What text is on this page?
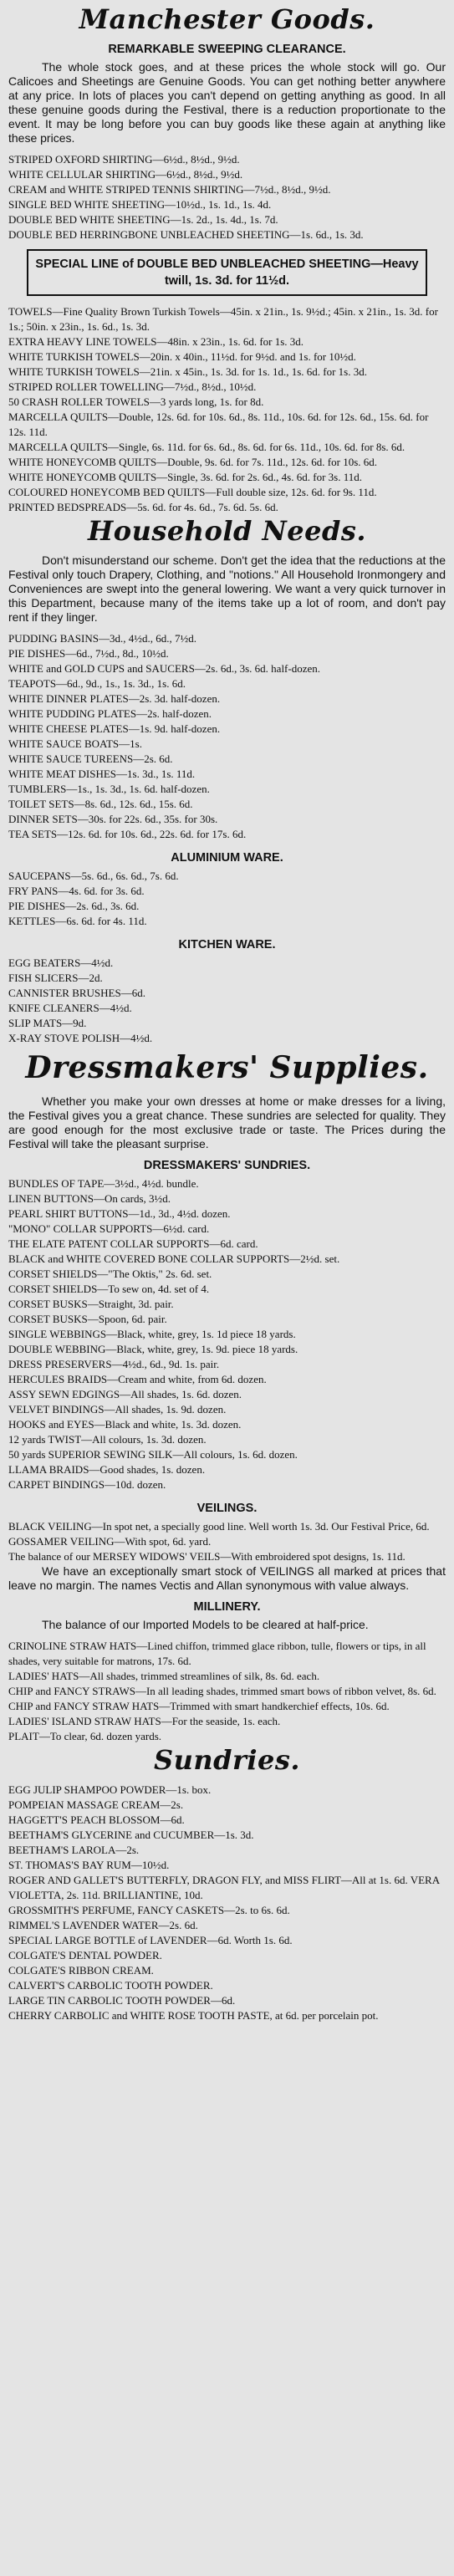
Manchester Goods.
REMARKABLE SWEEPING CLEARANCE.
The whole stock goes, and at these prices the whole stock will go. Our Calicoes and Sheetings are Genuine Goods. You can get nothing better anywhere at any price. In lots of places you can't depend on getting anything as good. In all these genuine goods during the Festival, there is a reduction proportionate to the event. It may be long before you can buy goods like these again at anything like these prices.
STRIPED OXFORD SHIRTING—6½d., 8½d., 9½d.
WHITE CELLULAR SHIRTING—6½d., 8½d., 9½d.
CREAM and WHITE STRIPED TENNIS SHIRTING—7½d., 8½d., 9½d.
SINGLE BED WHITE SHEETING—10½d., 1s. 1d., 1s. 4d.
DOUBLE BED WHITE SHEETING—1s. 2d., 1s. 4d., 1s. 7d.
DOUBLE BED HERRINGBONE UNBLEACHED SHEETING—1s. 6d., 1s. 3d.
SPECIAL LINE of DOUBLE BED UNBLEACHED SHEETING—Heavy twill, 1s. 3d. for 11½d.
TOWELS—Fine Quality Brown Turkish Towels—45in. x 21in., 1s. 9½d.; 45in. x 21in., 1s. 3d. for 1s.; 50in. x 23in., 1s. 6d., 1s. 3d.
EXTRA HEAVY LINE TOWELS—48in. x 23in., 1s. 6d. for 1s. 3d.
WHITE TURKISH TOWELS—20in. x 40in., 11½d. for 9½d. and 1s. for 10½d.
WHITE TURKISH TOWELS—21in. x 45in., 1s. 3d. for 1s. 1d., 1s. 6d. for 1s. 3d.
STRIPED ROLLER TOWELLING—7½d., 8½d., 10½d.
50 CRASH ROLLER TOWELS—3 yards long, 1s. for 8d.
MARCELLA QUILTS—Double, 12s. 6d. for 10s. 6d., 8s. 11d., 10s. 6d. for 12s. 6d., 15s. 6d. for 12s. 11d.
MARCELLA QUILTS—Single, 6s. 11d. for 6s. 6d., 8s. 6d. for 6s. 11d., 10s. 6d. for 8s. 6d.
WHITE HONEYCOMB QUILTS—Double, 9s. 6d. for 7s. 11d., 12s. 6d. for 10s. 6d.
WHITE HONEYCOMB QUILTS—Single, 3s. 6d. for 2s. 6d., 4s. 6d. for 3s. 11d.
COLOURED HONEYCOMB BED QUILTS—Full double size, 12s. 6d. for 9s. 11d.
PRINTED BEDSPREADS—5s. 6d. for 4s. 6d., 7s. 6d. 5s. 6d.
Household Needs.
Don't misunderstand our scheme. Don't get the idea that the reductions at the Festival only touch Drapery, Clothing, and "notions." All Household Ironmongery and Conveniences are swept into the general lowering. We want a very quick turnover in this Department, because many of the items take up a lot of room, and don't pay rent if they linger.
PUDDING BASINS—3d., 4½d., 6d., 7½d.
PIE DISHES—6d., 7½d., 8d., 10½d.
WHITE and GOLD CUPS and SAUCERS—2s. 6d., 3s. 6d. half-dozen.
TEAPOTS—6d., 9d., 1s., 1s. 3d., 1s. 6d.
WHITE DINNER PLATES—2s. 3d. half-dozen.
WHITE PUDDING PLATES—2s. half-dozen.
WHITE CHEESE PLATES—1s. 9d. half-dozen.
WHITE SAUCE BOATS—1s.
WHITE SAUCE TUREENS—2s. 6d.
WHITE MEAT DISHES—1s. 3d., 1s. 11d.
TUMBLERS—1s., 1s. 3d., 1s. 6d. half-dozen.
TOILET SETS—8s. 6d., 12s. 6d., 15s. 6d.
DINNER SETS—30s. for 22s. 6d., 35s. for 30s.
TEA SETS—12s. 6d. for 10s. 6d., 22s. 6d. for 17s. 6d.
ALUMINIUM WARE.
SAUCEPANS—5s. 6d., 6s. 6d., 7s. 6d.
FRY PANS—4s. 6d. for 3s. 6d.
PIE DISHES—2s. 6d., 3s. 6d.
KETTLES—6s. 6d. for 4s. 11d.
KITCHEN WARE.
EGG BEATERS—4½d.
FISH SLICERS—2d.
CANNISTER BRUSHES—6d.
KNIFE CLEANERS—4½d.
SLIP MATS—9d.
X-RAY STOVE POLISH—4½d.
Dressmakers' Supplies.
Whether you make your own dresses at home or make dresses for a living, the Festival gives you a great chance. These sundries are selected for quality. They are good enough for the most exclusive trade or taste. The Prices during the Festival will take the pleasant surprise.
DRESSMAKERS' SUNDRIES.
BUNDLES OF TAPE—3½d., 4½d. bundle.
LINEN BUTTONS—On cards, 3½d.
PEARL SHIRT BUTTONS—1d., 3d., 4½d. dozen.
"MONO" COLLAR SUPPORTS—6½d. card.
THE ELATE PATENT COLLAR SUPPORTS—6d. card.
BLACK and WHITE COVERED BONE COLLAR SUPPORTS—2½d. set.
CORSET SHIELDS—"The Oktis," 2s. 6d. set.
CORSET SHIELDS—To sew on, 4d. set of 4.
CORSET BUSKS—Straight, 3d. pair.
CORSET BUSKS—Spoon, 6d. pair.
SINGLE WEBBINGS—Black, white, grey, 1s. 1d piece 18 yards.
DOUBLE WEBBING—Black, white, grey, 1s. 9d. piece 18 yards.
DRESS PRESERVERS—4½d., 6d., 9d. 1s. pair.
HERCULES BRAIDS—Cream and white, from 6d. dozen.
ASSY SEWN EDGINGS—All shades, 1s. 6d. dozen.
VELVET BINDINGS—All shades, 1s. 9d. dozen.
HOOKS and EYES—Black and white, 1s. 3d. dozen.
12 yards TWIST—All colours, 1s. 3d. dozen.
50 yards SUPERIOR SEWING SILK—All colours, 1s. 6d. dozen.
LLAMA BRAIDS—Good shades, 1s. dozen.
CARPET BINDINGS—10d. dozen.
VEILINGS.
BLACK VEILING—In spot net, a specially good line. Well worth 1s. 3d. Our Festival Price, 6d.
GOSSAMER VEILING—With spot, 6d. yard.
The balance of our MERSEY WIDOWS' VEILS—With embroidered spot designs, 1s. 11d.
We have an exceptionally smart stock of VEILINGS all marked at prices that leave no margin. The names Vectis and Allan synonymous with value always.
MILLINERY.
The balance of our Imported Models to be cleared at half-price.
CRINOLINE STRAW HATS—Lined chiffon, trimmed glace ribbon, tulle, flowers or tips, in all shades, very suitable for matrons, 17s. 6d.
LADIES' HATS—All shades, trimmed streamlines of silk, 8s. 6d. each.
CHIP and FANCY STRAWS—In all leading shades, trimmed smart bows of ribbon velvet, 8s. 6d.
CHIP and FANCY STRAW HATS—Trimmed with smart handkerchief effects, 10s. 6d.
LADIES' ISLAND STRAW HATS—For the seaside, 1s. each.
PLAIT—To clear, 6d. dozen yards.
Sundries.
EGG JULIP SHAMPOO POWDER—1s. box.
POMPEIAN MASSAGE CREAM—2s.
HAGGETT'S PEACH BLOSSOM—6d.
BEETHAM'S GLYCERINE and CUCUMBER—1s. 3d.
BEETHAM'S LAROLA—2s.
ST. THOMAS'S BAY RUM—10½d.
ROGER AND GALLET'S BUTTERFLY, DRAGON FLY, and MISS FLIRT—All at 1s. 6d. VERA VIOLETTA, 2s. 11d. BRILLIANTINE, 10d.
GROSSMITH'S PERFUME, FANCY CASKETS—2s. to 6s. 6d.
RIMMEL'S LAVENDER WATER—2s. 6d.
SPECIAL LARGE BOTTLE of LAVENDER—6d. Worth 1s. 6d.
COLGATE'S DENTAL POWDER.
COLGATE'S RIBBON CREAM.
CALVERT'S CARBOLIC TOOTH POWDER.
LARGE TIN CARBOLIC TOOTH POWDER—6d.
CHERRY CARBOLIC and WHITE ROSE TOOTH PASTE, at 6d. per porcelain pot.
